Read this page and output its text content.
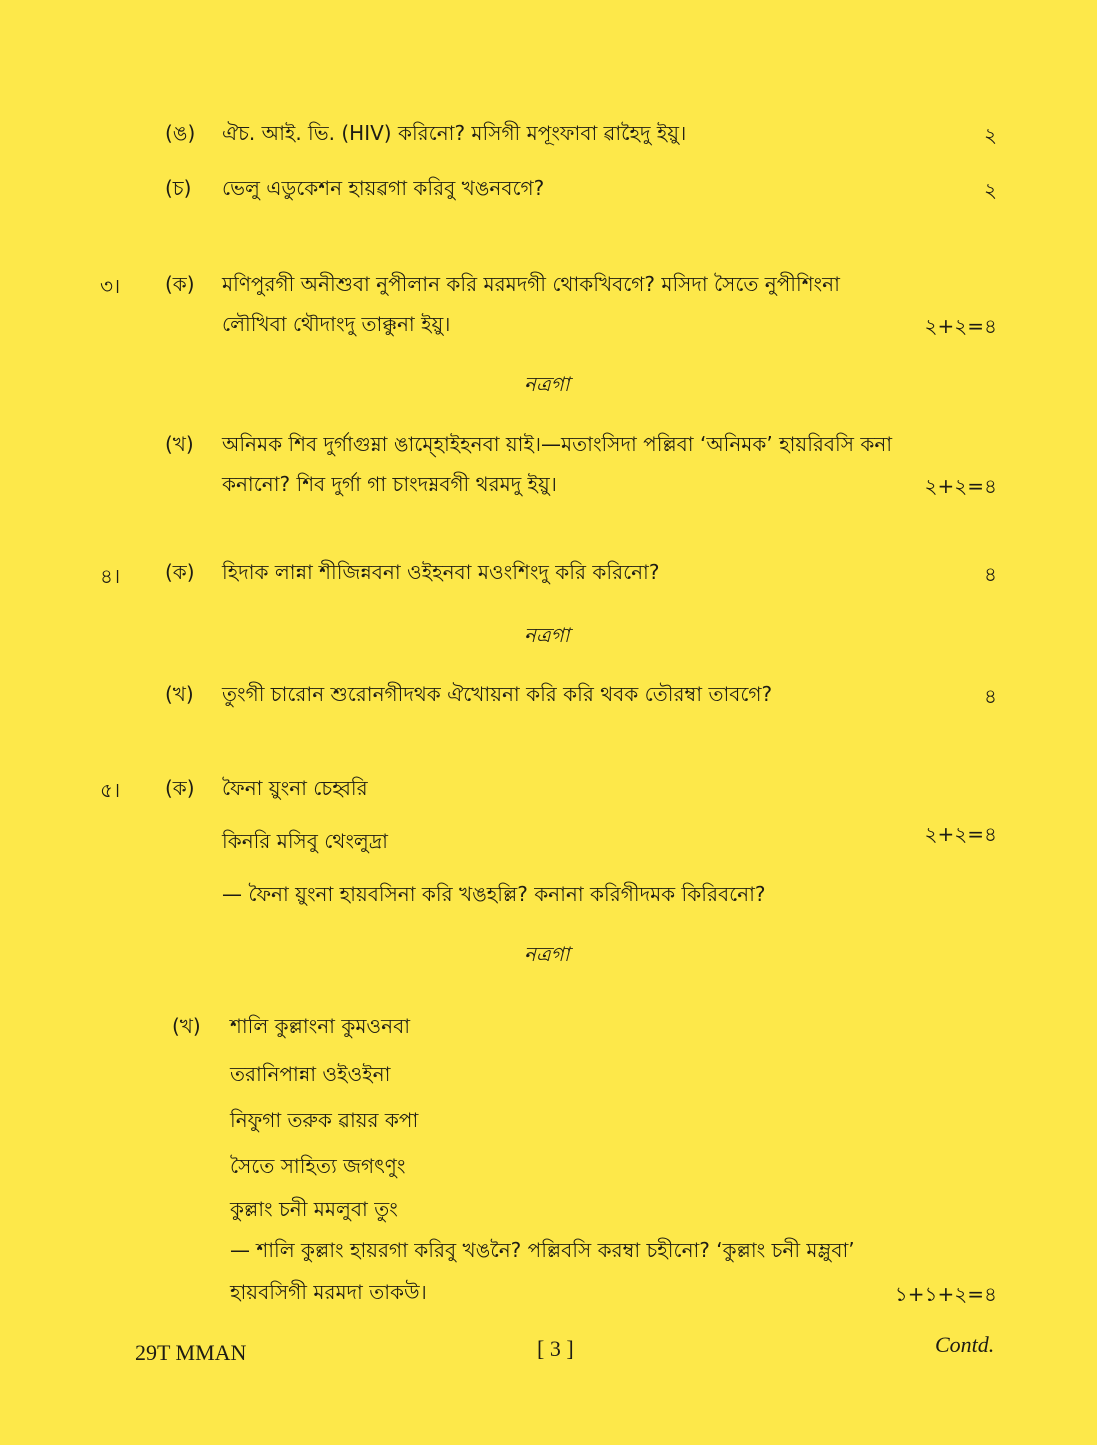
(ঙ) ঐচ. আই. ভি. (HIV) করিনো? মসিগী মপূংফাবা ৱাহৈদু ইয়ু।	২
(চ) ভেলু এডুকেশন হায়ৱগা করিবু খঙনবগে?	২
৩। (ক) মণিপুরগী অনীশুবা নুপীলান করি মরমদগী থোকখিবগে? মসিদা সৈতে নুপীশিংনা
লৌখিবা থৌদাংদু তাক্কুনা ইয়ু।	২+২=৪
নত্রগা
(খ) অনিমক শিব দুর্গাগুম্না ঙাম্হোইহনবা য়াই।—মতাংসিদা পল্লিবা ‘অনিমক’ হায়রিবসি কনা
কনানো? শিব দুর্গা গা চাংদম্নবগী থরমদু ইয়ু।	২+২=৪
৪। (ক) হিদাক লান্না শীজিন্নবনা ওইহনবা মওংশিংদু করি করিনো?	৪
নত্রগা
(খ) তুংগী চারোন শুরোনগীদথক ঐখোয়না করি করি থবক তৌরম্বা তাবগে?	৪
৫। (ক) ফৈনা য়ুংনা চেহ্বরি
কিনরি মসিবু থেংলুদ্রা	২+২=৪
— ফৈনা য়ুংনা হায়বসিনা করি খঙহল্লি? কনানা করিগীদমক কিরিবনো?
নত্রগা
(খ) শালি কুল্লাংনা কুমওনবা
তরানিপান্না ওইওইনা
নিফুগা তরুক ৱায়র কপা
সৈতে সাহিত্য জগৎণুং
কুল্লাং চনী মমলুবা তুং
— শালি কুল্লাং হায়রগা করিবু খঙনৈ? পল্লিবসি করম্বা চহীনো? ‘কুল্লাং চনী মম্লুবা’
হায়বসিগী মরমদা তাকউ।	১+১+২=৪
29T MMAN	[ 3 ]	Contd.
